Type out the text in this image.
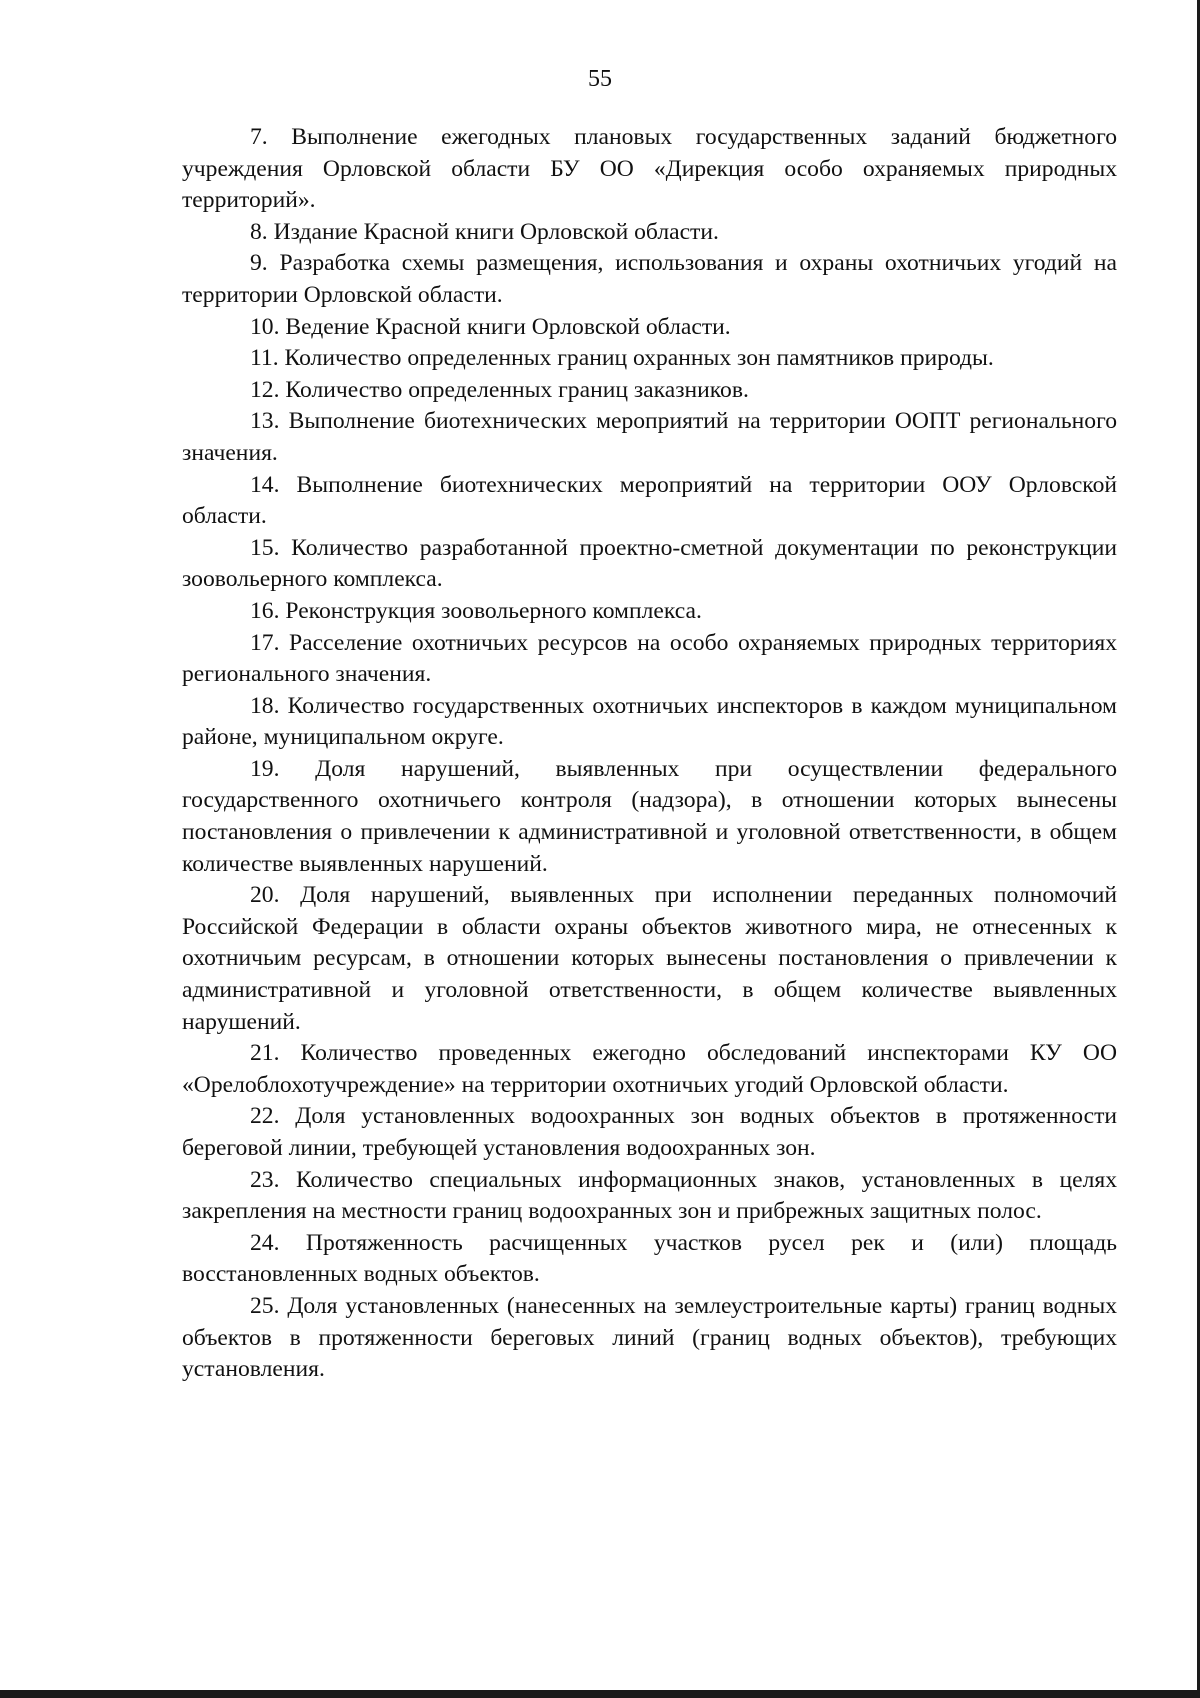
55

7. Выполнение ежегодных плановых государственных заданий бюджетного учреждения Орловской области БУ ОО «Дирекция особо охраняемых природных территорий».

8. Издание Красной книги Орловской области.

9. Разработка схемы размещения, использования и охраны охотничьих угодий на территории Орловской области.

10. Ведение Красной книги Орловской области.

11. Количество определенных границ охранных зон памятников природы.

12. Количество определенных границ заказников.

13. Выполнение биотехнических мероприятий на территории ООПТ регионального значения.

14. Выполнение биотехнических мероприятий на территории ООУ Орловской области.

15. Количество разработанной проектно-сметной документации по реконструкции зоовольерного комплекса.

16. Реконструкция зоовольерного комплекса.

17. Расселение охотничьих ресурсов на особо охраняемых природных территориях регионального значения.

18. Количество государственных охотничьих инспекторов в каждом муниципальном районе, муниципальном округе.

19. Доля нарушений, выявленных при осуществлении федерального государственного охотничьего контроля (надзора), в отношении которых вынесены постановления о привлечении к административной и уголовной ответственности, в общем количестве выявленных нарушений.

20. Доля нарушений, выявленных при исполнении переданных полномочий Российской Федерации в области охраны объектов животного мира, не отнесенных к охотничьим ресурсам, в отношении которых вынесены постановления о привлечении к административной и уголовной ответственности, в общем количестве выявленных нарушений.

21. Количество проведенных ежегодно обследований инспекторами КУ ОО «Орелоблохотучреждение» на территории охотничьих угодий Орловской области.

22. Доля установленных водоохранных зон водных объектов в протяженности береговой линии, требующей установления водоохранных зон.

23. Количество специальных информационных знаков, установленных в целях закрепления на местности границ водоохранных зон и прибрежных защитных полос.

24. Протяженность расчищенных участков русел рек и (или) площадь восстановленных водных объектов.

25. Доля установленных (нанесенных на землеустроительные карты) границ водных объектов в протяженности береговых линий (границ водных объектов), требующих установления.
